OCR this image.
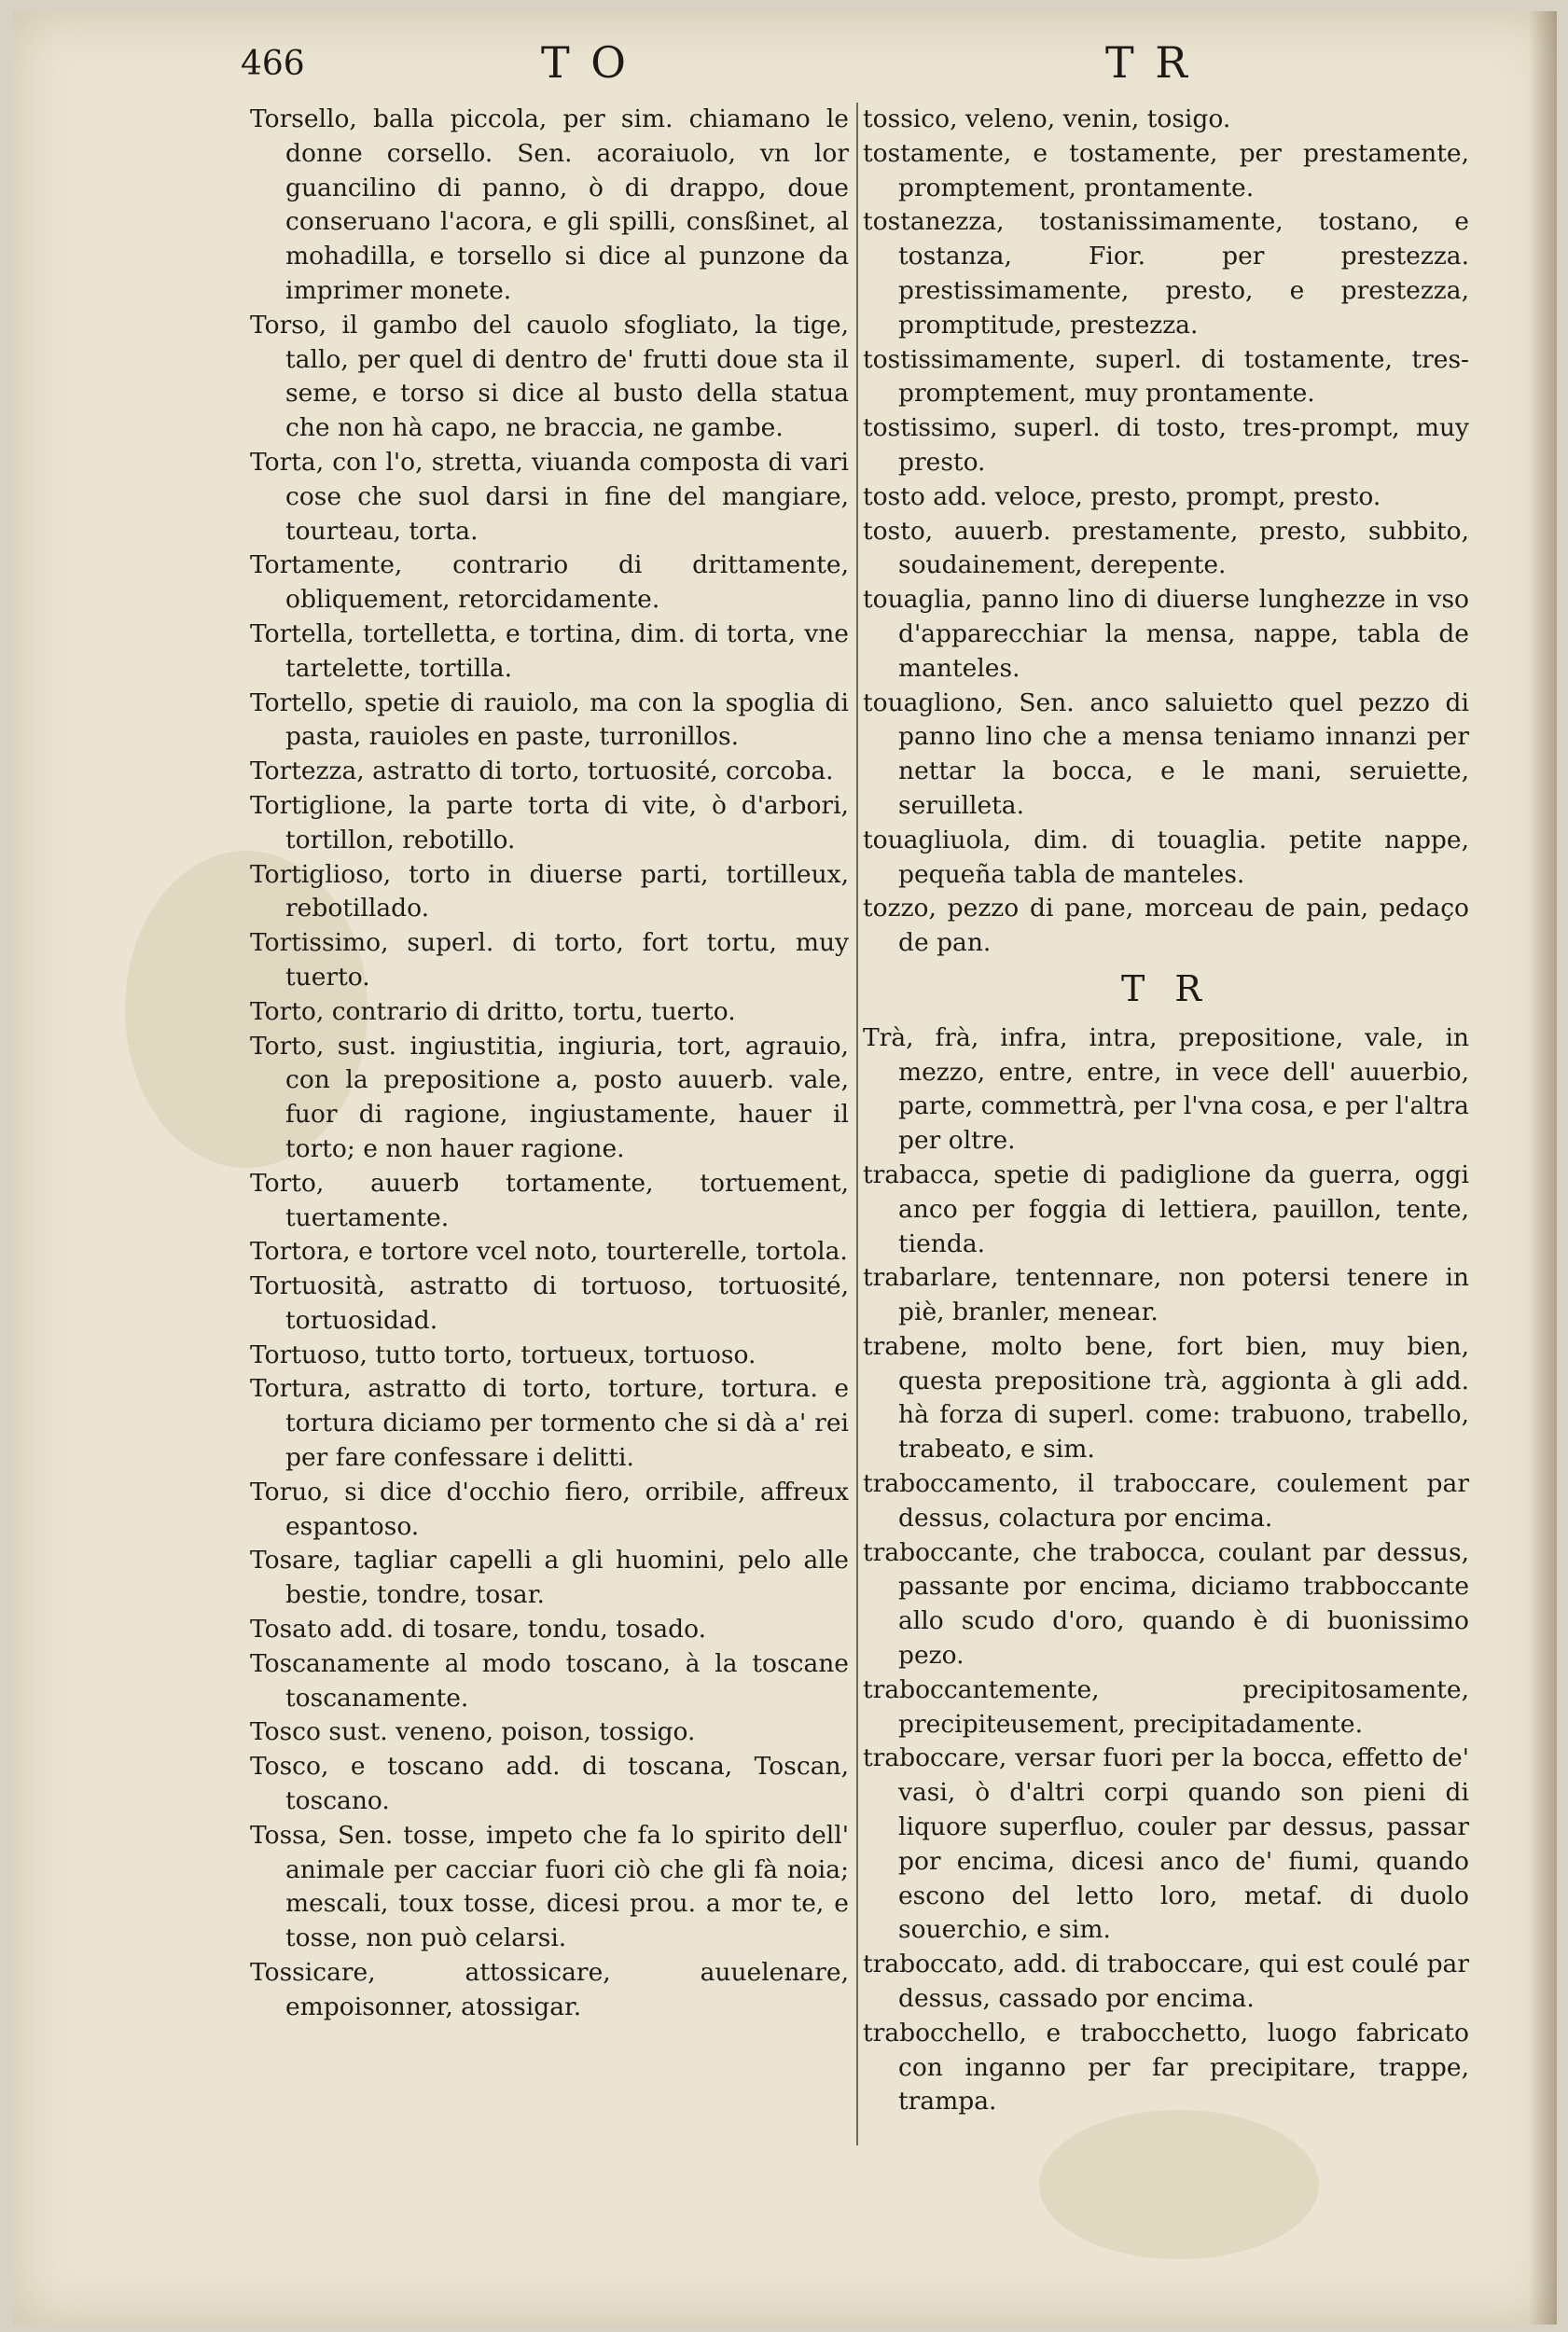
466	T O	T R

Torsello, balla piccola, per sim. chiamano le donne corsello. Sen. acoraiuolo, vn lor guancilino di panno, ò di drappo, doue conseruano l'acora, e gli spilli, consßinet, al mohadilla, e torsello si dice al punzone da imprimer monete.

Torso, il gambo del cauolo sfogliato, la tige, tallo, per quel di dentro de' frutti doue sta il seme, e torso si dice al busto della statua che non hà capo, ne braccia, ne gambe.

Torta, con l'o, stretta, viuanda composta di vari cose che suol darsi in fine del mangiare, tourteau, torta.

Tortamente, contrario di drittamente, obliquement, retorcidamente.

Tortella, tortelletta, e tortina, dim. di torta, vne tartelette, tortilla.

Tortello, spetie di rauiolo, ma con la spoglia di pasta, rauioles en paste, turronillos.

Tortezza, astratto di torto, tortuosité, corcoba.

Tortiglione, la parte torta di vite, ò d'arbori, tortillon, rebotillo.

Tortiglioso, torto in diuerse parti, tortilleux, rebotillado.

Tortissimo, superl. di torto, fort tortu, muy tuerto.

Torto, contrario di dritto, tortu, tuerto.

Torto, sust. ingiustitia, ingiuria, tort, agrauio, con la prepositione a, posto auuerb. vale, fuor di ragione, ingiustamente, hauer il torto; e non hauer ragione.

Torto, auuerb tortamente, tortuement, tuertamente.

Tortora, e tortore vcel noto, tourterelle, tortola.

Tortuosità, astratto di tortuoso, tortuosité, tortuosidad.

Tortuoso, tutto torto, tortueux, tortuoso.

Tortura, astratto di torto, torture, tortura. e tortura diciamo per tormento che si dà a' rei per fare confessare i delitti.

Toruo, si dice d'occhio fiero, orribile, affreux espantoso.

Tosare, tagliar capelli a gli huomini, pelo alle bestie, tondre, tosar.

Tosato add. di tosare, tondu, tosado.

Toscanamente al modo toscano, à la toscane toscanamente.

Tosco sust. veneno, poison, tossigo.

Tosco, e toscano add. di toscana, Toscan, toscano.

Tossa, Sen. tosse, impeto che fa lo spirito dell' animale per cacciar fuori ciò che gli fà noia; mescali, toux tosse, dicesi prou. a mor te, e tosse, non può celarsi.

Tossicare, attossicare, auuelenare, empoisonner, atossigar.

tossico, veleno, venin, tosigo.

tostamente, e tostamente, per prestamente, promptement, prontamente.

tostanezza, tostanissimamente, tostano, e tostanza, Fior. per prestezza. prestissimamente, presto, e prestezza, promptitude, prestezza.

tostissimamente, superl. di tostamente, tres-promptement, muy prontamente.

tostissimo, superl. di tosto, tres-prompt, muy presto.

tosto add. veloce, presto, prompt, presto.

tosto, auuerb. prestamente, presto, subbito, soudainement, derepente.

touaglia, panno lino di diuerse lunghezze in vso d'apparecchiar la mensa, nappe, tabla de manteles.

touagliono, Sen. anco saluietto quel pezzo di panno lino che a mensa teniamo innanzi per nettar la bocca, e le mani, seruiette, seruilleta.

touagliuola, dim. di touaglia. petite nappe, pequeña tabla de manteles.

tozzo, pezzo di pane, morceau de pain, pedaço de pan.

T R

Trà, frà, infra, intra, prepositione, vale, in mezzo, entre, entre, in vece dell' auuerbio, parte, commettrà, per l'vna cosa, e per l'altra per oltre.

trabacca, spetie di padiglione da guerra, oggi anco per foggia di lettiera, pauillon, tente, tienda.

trabarlare, tentennare, non potersi tenere in piè, branler, menear.

trabene, molto bene, fort bien, muy bien, questa prepositione trà, aggionta à gli add. hà forza di superl. come: trabuono, trabello, trabeato, e sim.

traboccamento, il traboccare, coulement par dessus, colactura por encima.

traboccante, che trabocca, coulant par dessus, passante por encima, diciamo trabboccante allo scudo d'oro, quando è di buonissimo pezo.

traboccantemente, precipitosamente, precipiteusement, precipitadamente.

traboccare, versar fuori per la bocca, effetto de' vasi, ò d'altri corpi quando son pieni di liquore superfluo, couler par dessus, passar por encima, dicesi anco de' fiumi, quando escono del letto loro, metaf. di duolo souerchio, e sim.

traboccato, add. di traboccare, qui est coulé par dessus, cassado por encima.

trabocchello, e trabocchetto, luogo fabricato con inganno per far precipitare, trappe, trampa.
